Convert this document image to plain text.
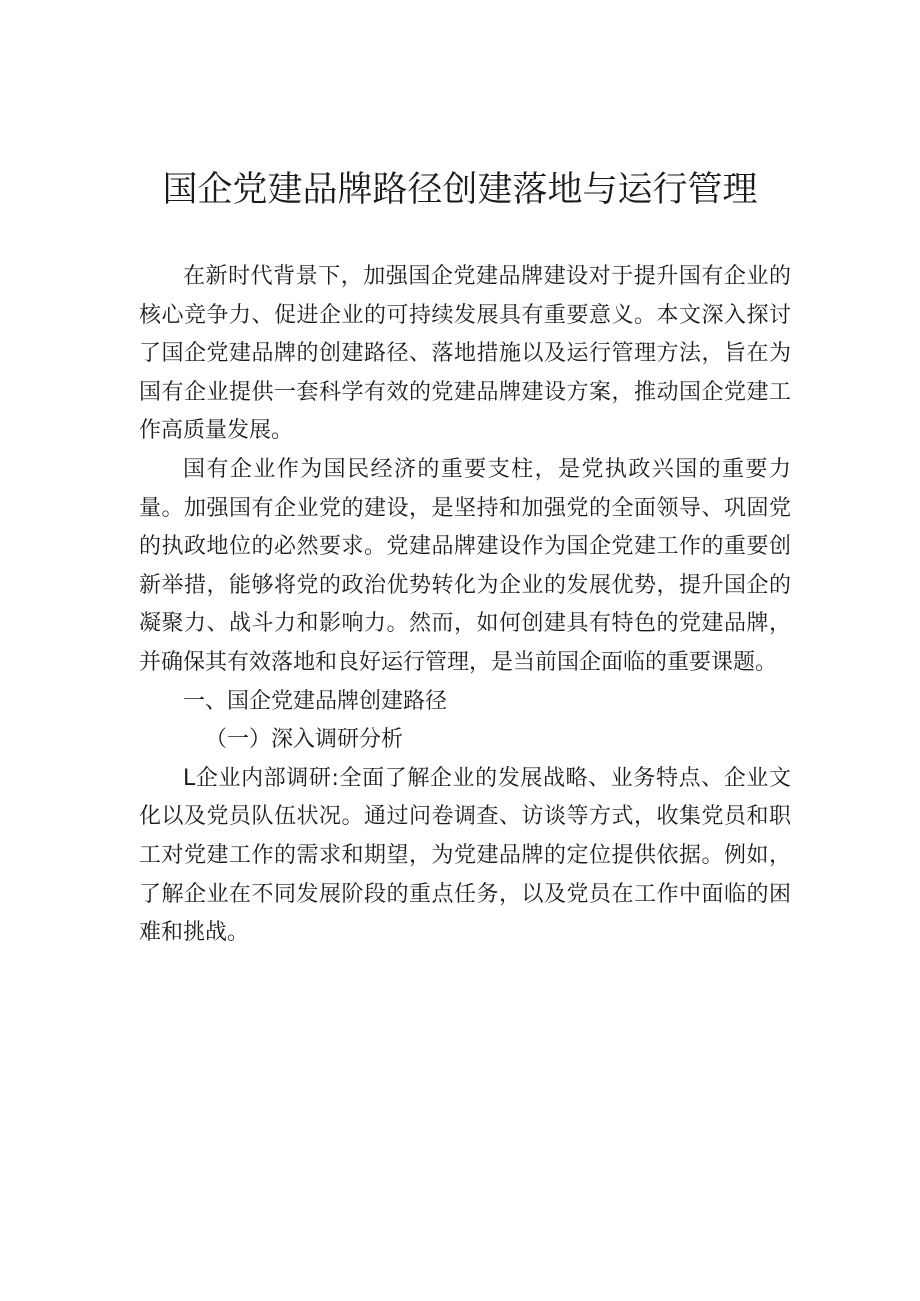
国企党建品牌路径创建落地与运行管理

在新时代背景下，加强国企党建品牌建设对于提升国有企业的核心竞争力、促进企业的可持续发展具有重要意义。本文深入探讨了国企党建品牌的创建路径、落地措施以及运行管理方法，旨在为国有企业提供一套科学有效的党建品牌建设方案，推动国企党建工作高质量发展。

国有企业作为国民经济的重要支柱，是党执政兴国的重要力量。加强国有企业党的建设，是坚持和加强党的全面领导、巩固党的执政地位的必然要求。党建品牌建设作为国企党建工作的重要创新举措，能够将党的政治优势转化为企业的发展优势，提升国企的凝聚力、战斗力和影响力。然而，如何创建具有特色的党建品牌，并确保其有效落地和良好运行管理，是当前国企面临的重要课题。

一、国企党建品牌创建路径

（一）深入调研分析

L企业内部调研:全面了解企业的发展战略、业务特点、企业文化以及党员队伍状况。通过问卷调查、访谈等方式，收集党员和职工对党建工作的需求和期望，为党建品牌的定位提供依据。例如，了解企业在不同发展阶段的重点任务，以及党员在工作中面临的困难和挑战。
